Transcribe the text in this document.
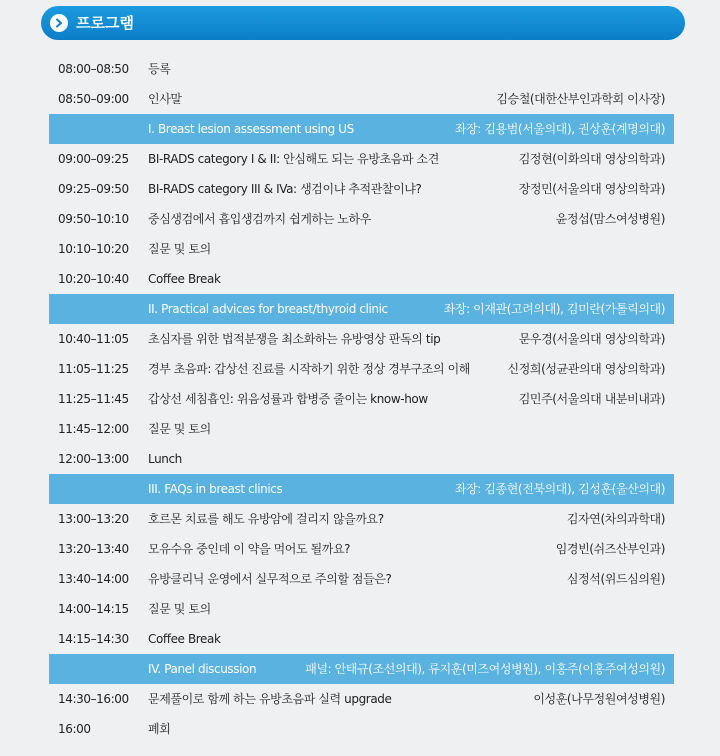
프로그램
08:00–08:50 등록
08:50–09:00 인사말	김승철(대한산부인과학회 이사장)
I. Breast lesion assessment using US	좌장: 김용범(서울의대), 권상훈(계명의대)
09:00–09:25 BI-RADS category I & II: 안심해도 되는 유방초음파 소견	김정현(이화의대 영상의학과)
09:25–09:50 BI-RADS category III & IVa: 생검이냐 추적관찰이냐?	장정민(서울의대 영상의학과)
09:50–10:10 중심생검에서 흡입생검까지 쉽게하는 노하우	윤정섭(맘스여성병원)
10:10–10:20 질문 및 토의
10:20–10:40 Coffee Break
II. Practical advices for breast/thyroid clinic	좌장: 이재관(고려의대), 김미란(가톨릭의대)
10:40–11:05 초심자를 위한 법적분쟁을 최소화하는 유방영상 판독의 tip	문우경(서울의대 영상의학과)
11:05–11:25 경부 초음파: 갑상선 진료를 시작하기 위한 정상 경부구조의 이해	신정희(성균관의대 영상의학과)
11:25–11:45 갑상선 세침흡인: 위음성률과 합병증 줄이는 know-how	김민주(서울의대 내분비내과)
11:45–12:00 질문 및 토의
12:00–13:00 Lunch
III. FAQs in breast clinics	좌장: 김종현(전북의대), 김성훈(울산의대)
13:00–13:20 호르몬 치료를 해도 유방암에 걸리지 않을까요?	김자연(차의과학대)
13:20–13:40 모유수유 중인데 이 약을 먹어도 될까요?	임경빈(쉬즈산부인과)
13:40–14:00 유방클리닉 운영에서 실무적으로 주의할 점들은?	심정석(위드심의원)
14:00–14:15 질문 및 토의
14:15–14:30 Coffee Break
IV. Panel discussion	패널: 안태규(조선의대), 류지훈(미즈여성병원), 이홍주(이홍주여성의원)
14:30–16:00 문제풀이로 함께 하는 유방초음파 실력 upgrade	이성훈(나무정원여성병원)
16:00	폐회
